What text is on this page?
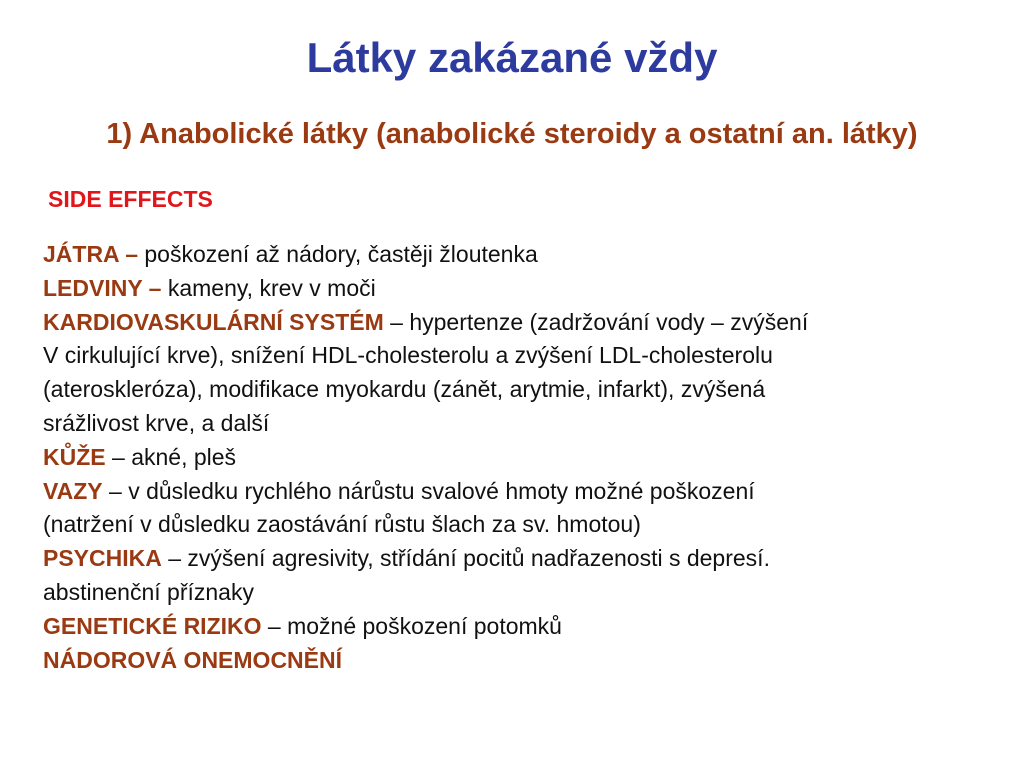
Látky zakázané vždy
1) Anabolické látky (anabolické steroidy a ostatní an. látky)
SIDE EFFECTS
JÁTRA – poškození až nádory, častěji žloutenka
LEDVINY – kameny, krev v moči
KARDIOVASKULÁRNÍ SYSTÉM – hypertenze (zadržování vody – zvýšení
V cirkulující krve), snížení HDL-cholesterolu a zvýšení LDL-cholesterolu
(ateroskleróza), modifikace myokardu (zánět, arytmie, infarkt), zvýšená
srážlivost krve, a další
KŮŽE – akné, pleš
VAZY – v důsledku rychlého nárůstu svalové hmoty možné poškození
(natržení v důsledku zaostávání růstu šlach za sv. hmotou)
PSYCHIKA – zvýšení agresivity, střídání pocitů nadřazenosti s depresí.
abstinenční příznaky
GENETICKÉ RIZIKO – možné poškození potomků
NÁDOROVÁ ONEMOCNĚNÍ
